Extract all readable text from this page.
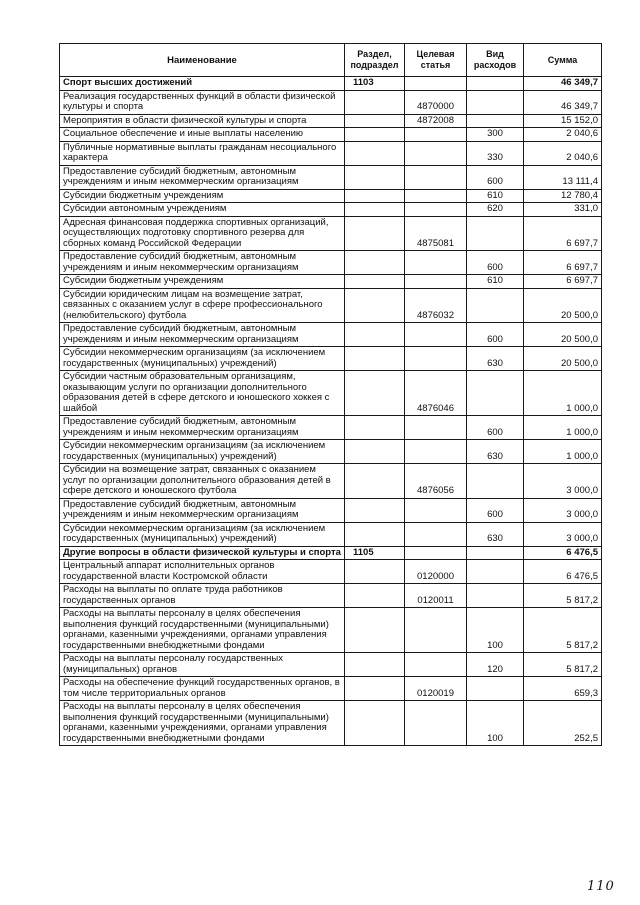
Наименование	Раздел, подраздел	Целевая статья	Вид расходов	Сумма
Спорт высших достижений	1103			46 349,7
Реализация государственных функций в области физической культуры и спорта		4870000		46 349,7
Мероприятия в области физической культуры и спорта		4872008		15 152,0
Социальное обеспечение и иные выплаты населению			300	2 040,6
Публичные нормативные выплаты гражданам несоциального характера			330	2 040,6
Предоставление субсидий бюджетным, автономным учреждениям и иным некоммерческим организациям			600	13 111,4
Субсидии бюджетным учреждениям			610	12 780,4
Субсидии автономным учреждениям			620	331,0
Адресная финансовая поддержка спортивных организаций, осуществляющих подготовку спортивного резерва для сборных команд Российской Федерации		4875081		6 697,7
Предоставление субсидий бюджетным, автономным учреждениям и иным некоммерческим организациям			600	6 697,7
Субсидии бюджетным учреждениям			610	6 697,7
Субсидии юридическим лицам на возмещение затрат, связанных с оказанием услуг в сфере профессионального (нелюбительского) футбола		4876032		20 500,0
Предоставление субсидий бюджетным, автономным учреждениям и иным некоммерческим организациям			600	20 500,0
Субсидии некоммерческим организациям (за исключением государственных (муниципальных) учреждений)			630	20 500,0
Субсидии частным образовательным организациям, оказывающим услуги по организации дополнительного образования детей в сфере детского и юношеского хоккея с шайбой		4876046		1 000,0
Предоставление субсидий бюджетным, автономным учреждениям и иным некоммерческим организациям			600	1 000,0
Субсидии некоммерческим организациям (за исключением государственных (муниципальных) учреждений)			630	1 000,0
Субсидии на возмещение затрат, связанных с оказанием услуг по организации дополнительного образования детей в сфере детского и юношеского футбола		4876056		3 000,0
Предоставление субсидий бюджетным, автономным учреждениям и иным некоммерческим организациям			600	3 000,0
Субсидии некоммерческим организациям (за исключением государственных (муниципальных) учреждений)			630	3 000,0
Другие вопросы в области физической культуры и спорта	1105			6 476,5
Центральный аппарат исполнительных органов государственной власти Костромской области		0120000		6 476,5
Расходы на выплаты по оплате труда работников государственных органов		0120011		5 817,2
Расходы на выплаты персоналу в целях обеспечения выполнения функций государственными (муниципальными) органами, казенными учреждениями, органами управления государственными внебюджетными фондами			100	5 817,2
Расходы на выплаты персоналу государственных (муниципальных) органов			120	5 817,2
Расходы на обеспечение функций государственных органов, в том числе территориальных органов		0120019		659,3
Расходы на выплаты персоналу в целях обеспечения выполнения функций государственными (муниципальными) органами, казенными учреждениями, органами управления государственными внебюджетными фондами			100	252,5
110
